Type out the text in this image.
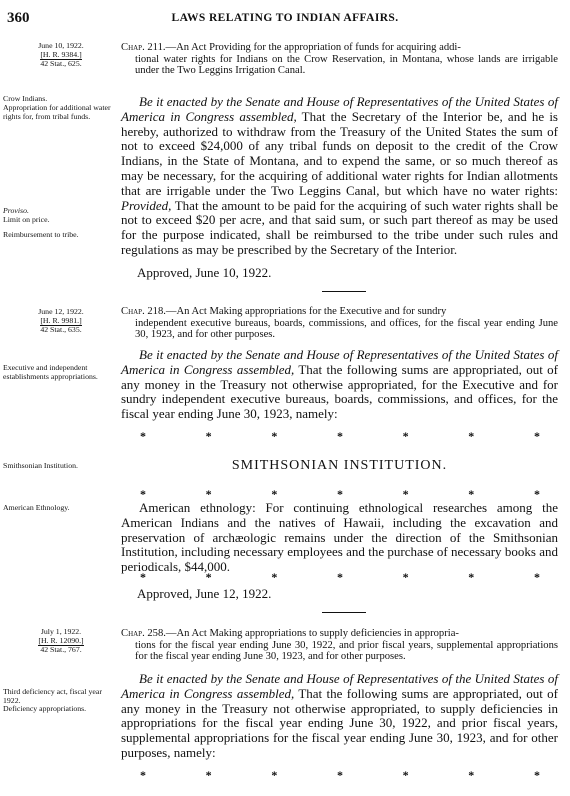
360	LAWS RELATING TO INDIAN AFFAIRS.
June 10, 1922.
[H. R. 9384.]
42 Stat., 625.
Chap. 211.—An Act Providing for the appropriation of funds for acquiring addi-
tional water rights for Indians on the Crow Reservation, in Montana, whose lands are irrigable under the Two Leggins Irrigation Canal.
Crow Indians.
Appropriation for additional water rights for, from tribal funds.
Proviso.
Limit on price.
Reimbursement to tribe.
Be it enacted by the Senate and House of Representatives of the United States of America in Congress assembled, That the Secretary of the Interior be, and he is hereby, authorized to withdraw from the Treasury of the United States the sum of not to exceed $24,000 of any tribal funds on deposit to the credit of the Crow Indians, in the State of Montana, and to expend the same, or so much thereof as may be necessary, for the acquiring of additional water rights for Indian allotments that are irrigable under the Two Leggins Canal, but which have no water rights: Provided, That the amount to be paid for the acquiring of such water rights shall be not to exceed $20 per acre, and that said sum, or such part thereof as may be used for the purpose indicated, shall be reimbursed to the tribe under such rules and regulations as may be prescribed by the Secretary of the Interior.
Approved, June 10, 1922.
June 12, 1922.
[H. R. 9981.]
42 Stat., 635.
Chap. 218.—An Act Making appropriations for the Executive and for sundry
independent executive bureaus, boards, commissions, and offices, for the fiscal year ending June 30, 1923, and for other purposes.
Executive and independent establishments appropriations.
Be it enacted by the Senate and House of Representatives of the United States of America in Congress assembled, That the following sums are appropriated, out of any money in the Treasury not otherwise appropriated, for the Executive and for sundry independent executive bureaus, boards, commissions, and offices, for the fiscal year ending June 30, 1923, namely:
*	*	*	*	*	*	*
Smithsonian Institution.	SMITHSONIAN INSTITUTION.
*	*	*	*	*	*	*
American Ethnology.	American ethnology: For continuing ethnological researches among the American Indians and the natives of Hawaii, including the excavation and preservation of archæologic remains under the direction of the Smithsonian Institution, including necessary employees and the purchase of necessary books and periodicals, $44,000.
*	*	*	*	*	*	*
Approved, June 12, 1922.
July 1, 1922.
[H. R. 12090.]
42 Stat., 767.
Chap. 258.—An Act Making appropriations to supply deficiencies in appropria-
tions for the fiscal year ending June 30, 1922, and prior fiscal years, supplemental appropriations for the fiscal year ending June 30, 1923, and for other purposes.
Third deficiency act, fiscal year 1922.
Deficiency appropriations.
Be it enacted by the Senate and House of Representatives of the United States of America in Congress assembled, That the following sums are appropriated, out of any money in the Treasury not otherwise appropriated, to supply deficiencies in appropriations for the fiscal year ending June 30, 1922, and prior fiscal years, supplemental appropriations for the fiscal year ending June 30, 1923, and for other purposes, namely:
*	*	*	*	*	*	*
